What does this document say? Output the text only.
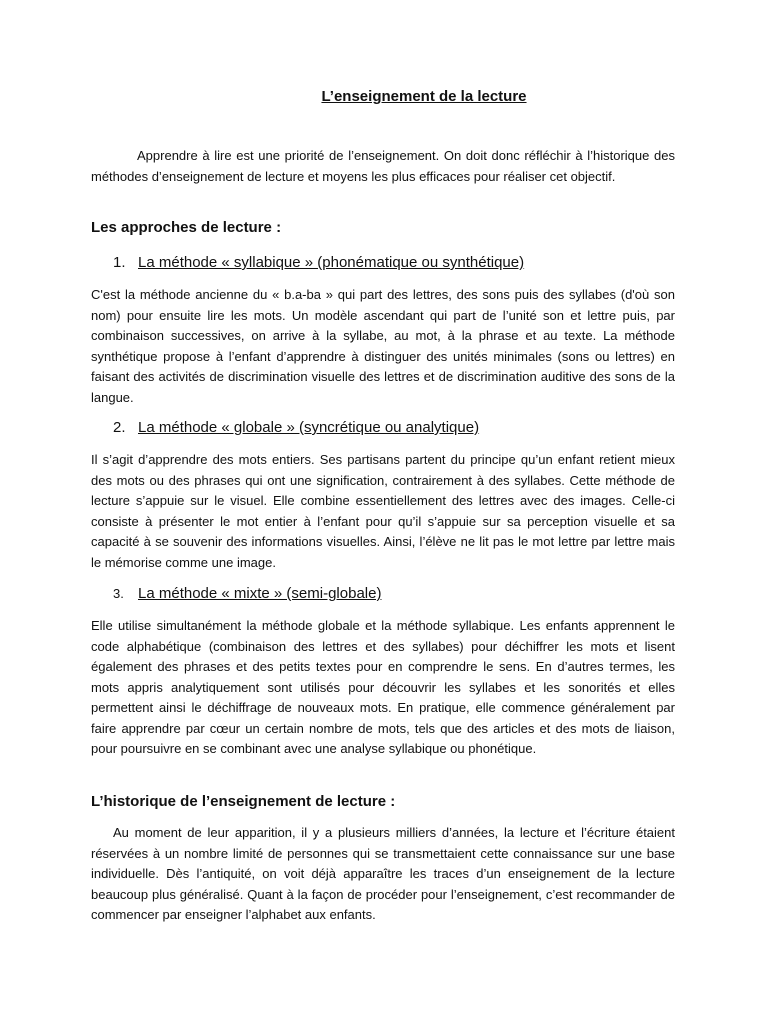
L’enseignement de la lecture

Apprendre à lire est une priorité de l’enseignement. On doit donc réfléchir à l’historique des méthodes d’enseignement de lecture et moyens les plus efficaces pour réaliser cet objectif.

Les approches de lecture :

1. La méthode « syllabique » (phonématique ou synthétique)

C'est la méthode ancienne du « b.a-ba » qui part des lettres, des sons puis des syllabes (d'où son nom) pour ensuite lire les mots. Un modèle ascendant qui part de l’unité son et lettre puis, par combinaison successives, on arrive à la syllabe, au mot, à la phrase et au texte. La méthode synthétique propose à l’enfant d’apprendre à distinguer des unités minimales (sons ou lettres) en faisant des activités de discrimination visuelle des lettres et de discrimination auditive des sons de la langue.

2. La méthode « globale » (syncrétique ou analytique)

Il s’agit d’apprendre des mots entiers. Ses partisans partent du principe qu’un enfant retient mieux des mots ou des phrases qui ont une signification, contrairement à des syllabes. Cette méthode de lecture s’appuie sur le visuel. Elle combine essentiellement des lettres avec des images. Celle-ci consiste à présenter le mot entier à l’enfant pour qu’il s’appuie sur sa perception visuelle et sa capacité à se souvenir des informations visuelles. Ainsi, l’élève ne lit pas le mot lettre par lettre mais le mémorise comme une image.

3. La méthode « mixte » (semi-globale)

Elle utilise simultanément la méthode globale et la méthode syllabique. Les enfants apprennent le code alphabétique (combinaison des lettres et des syllabes) pour déchiffrer les mots et lisent également des phrases et des petits textes pour en comprendre le sens. En d’autres termes, les mots appris analytiquement sont utilisés pour découvrir les syllabes et les sonorités et elles permettent ainsi le déchiffrage de nouveaux mots. En pratique, elle commence généralement par faire apprendre par cœur un certain nombre de mots, tels que des articles et des mots de liaison, pour poursuivre en se combinant avec une analyse syllabique ou phonétique.

L’historique de l’enseignement de lecture :

Au moment de leur apparition, il y a plusieurs milliers d’années, la lecture et l’écriture étaient réservées à un nombre limité de personnes qui se transmettaient cette connaissance sur une base individuelle. Dès l’antiquité, on voit déjà apparaître les traces d’un enseignement de la lecture beaucoup plus généralisé. Quant à la façon de procéder pour l’enseignement, c’est recommander de commencer par enseigner l’alphabet aux enfants.
